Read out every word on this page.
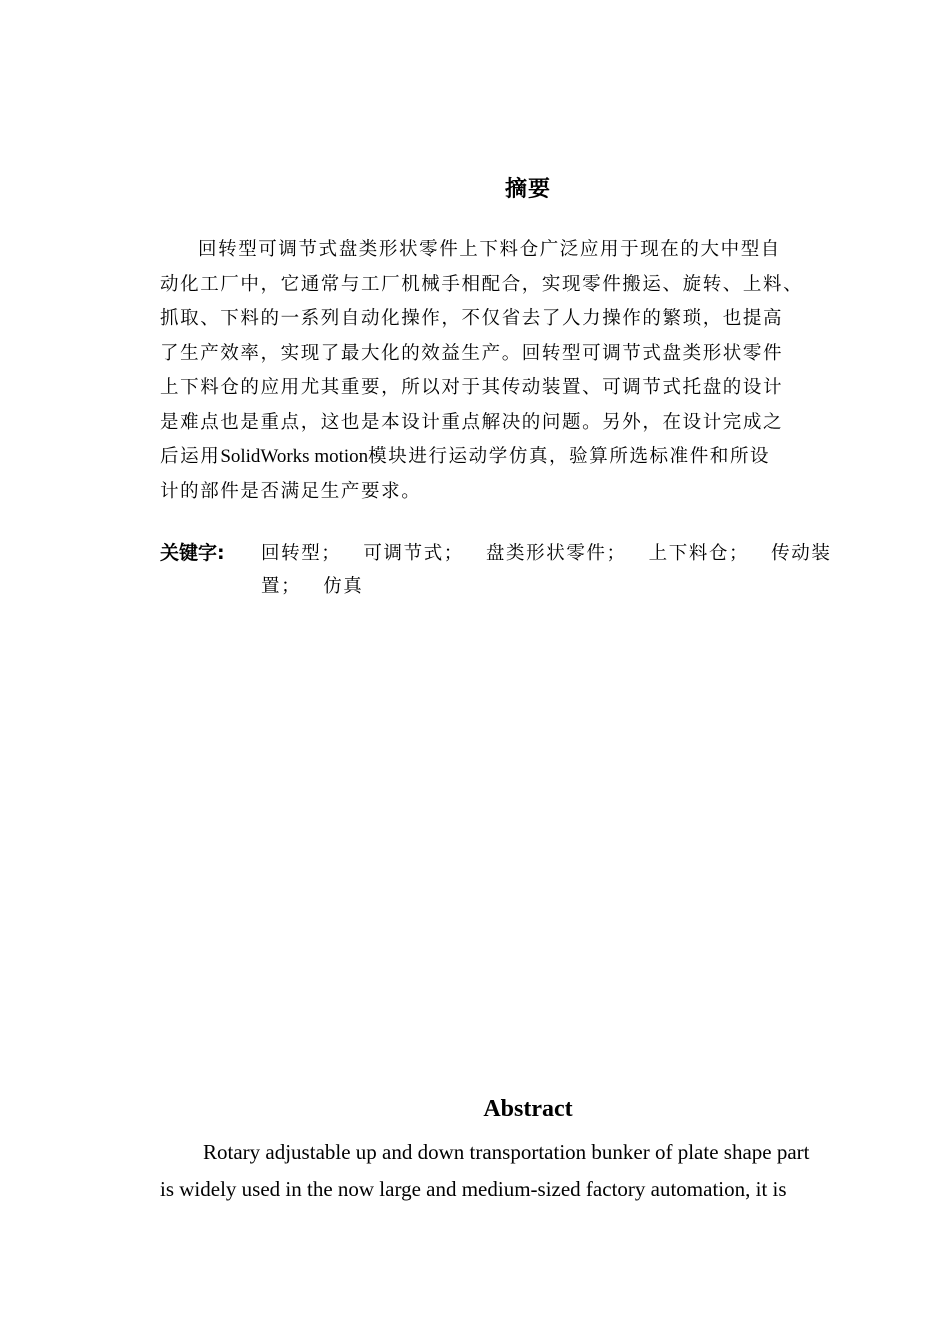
摘要
回转型可调节式盘类形状零件上下料仓广泛应用于现在的大中型自
动化工厂中，它通常与工厂机械手相配合，实现零件搬运、旋转、上料、
抓取、下料的一系列自动化操作，不仅省去了人力操作的繁琐，也提高
了生产效率，实现了最大化的效益生产。回转型可调节式盘类形状零件
上下料仓的应用尤其重要，所以对于其传动装置、可调节式托盘的设计
是难点也是重点，这也是本设计重点解决的问题。另外，在设计完成之
后运用SolidWorks motion模块进行运动学仿真，验算所选标准件和所设
计的部件是否满足生产要求。
关键字: 回转型； 可调节式； 盘类形状零件； 上下料仓； 传动装
置； 仿真
Abstract
Rotary adjustable up and down transportation bunker of plate shape part
is widely used in the now large and medium-sized factory automation, it is
